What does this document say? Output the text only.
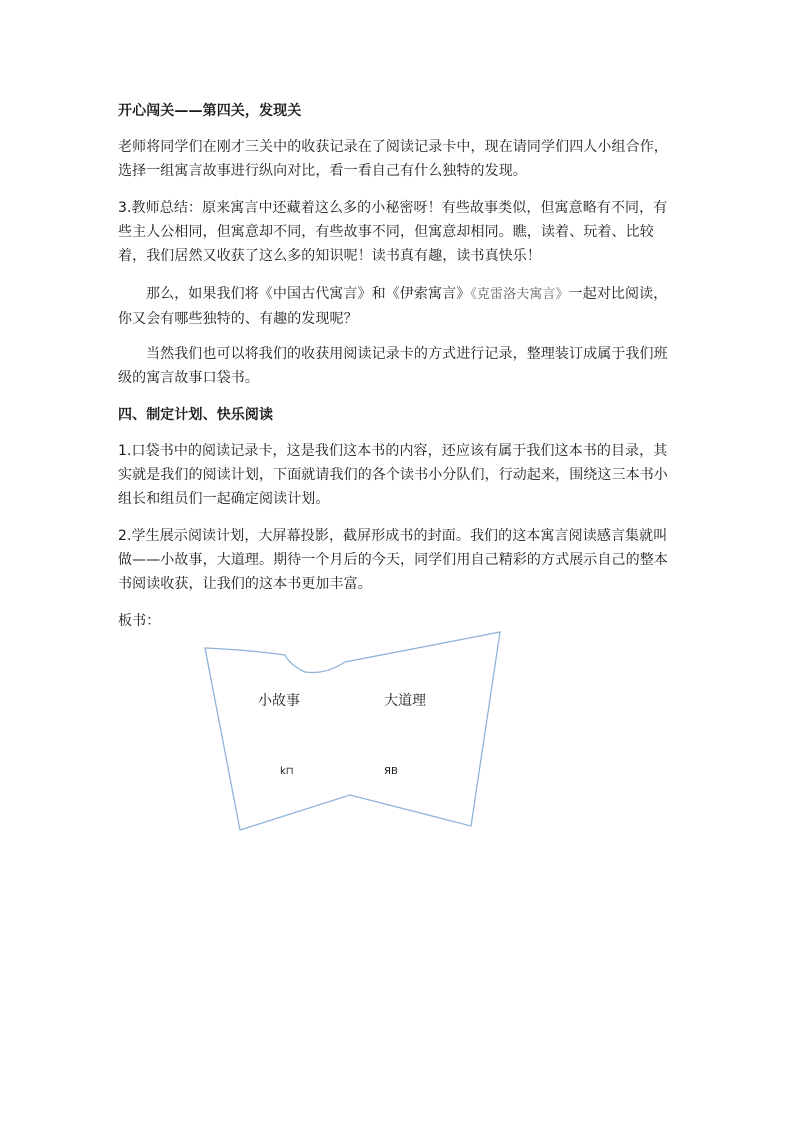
开心闯关——第四关，发现关

老师将同学们在刚才三关中的收获记录在了阅读记录卡中，现在请同学们四人小组合作，选择一组寓言故事进行纵向对比，看一看自己有什么独特的发现。

3.教师总结：原来寓言中还藏着这么多的小秘密呀！有些故事类似，但寓意略有不同，有些主人公相同，但寓意却不同，有些故事不同，但寓意却相同。瞧，读着、玩着、比较着，我们居然又收获了这么多的知识呢！读书真有趣，读书真快乐！

那么，如果我们将《中国古代寓言》和《伊索寓言》《克雷洛夫寓言》一起对比阅读，你又会有哪些独特的、有趣的发现呢？

当然我们也可以将我们的收获用阅读记录卡的方式进行记录，整理装订成属于我们班级的寓言故事口袋书。

四、制定计划、快乐阅读

1.口袋书中的阅读记录卡，这是我们这本书的内容，还应该有属于我们这本书的目录，其实就是我们的阅读计划，下面就请我们的各个读书小分队们，行动起来，围绕这三本书小组长和组员们一起确定阅读计划。

2.学生展示阅读计划，大屏幕投影，截屏形成书的封面。我们的这本寓言阅读感言集就叫做——小故事，大道理。期待一个月后的今天，同学们用自己精彩的方式展示自己的整本书阅读收获，让我们的这本书更加丰富。

板书：

小故事	大道理
k⊓	ЯΒ
